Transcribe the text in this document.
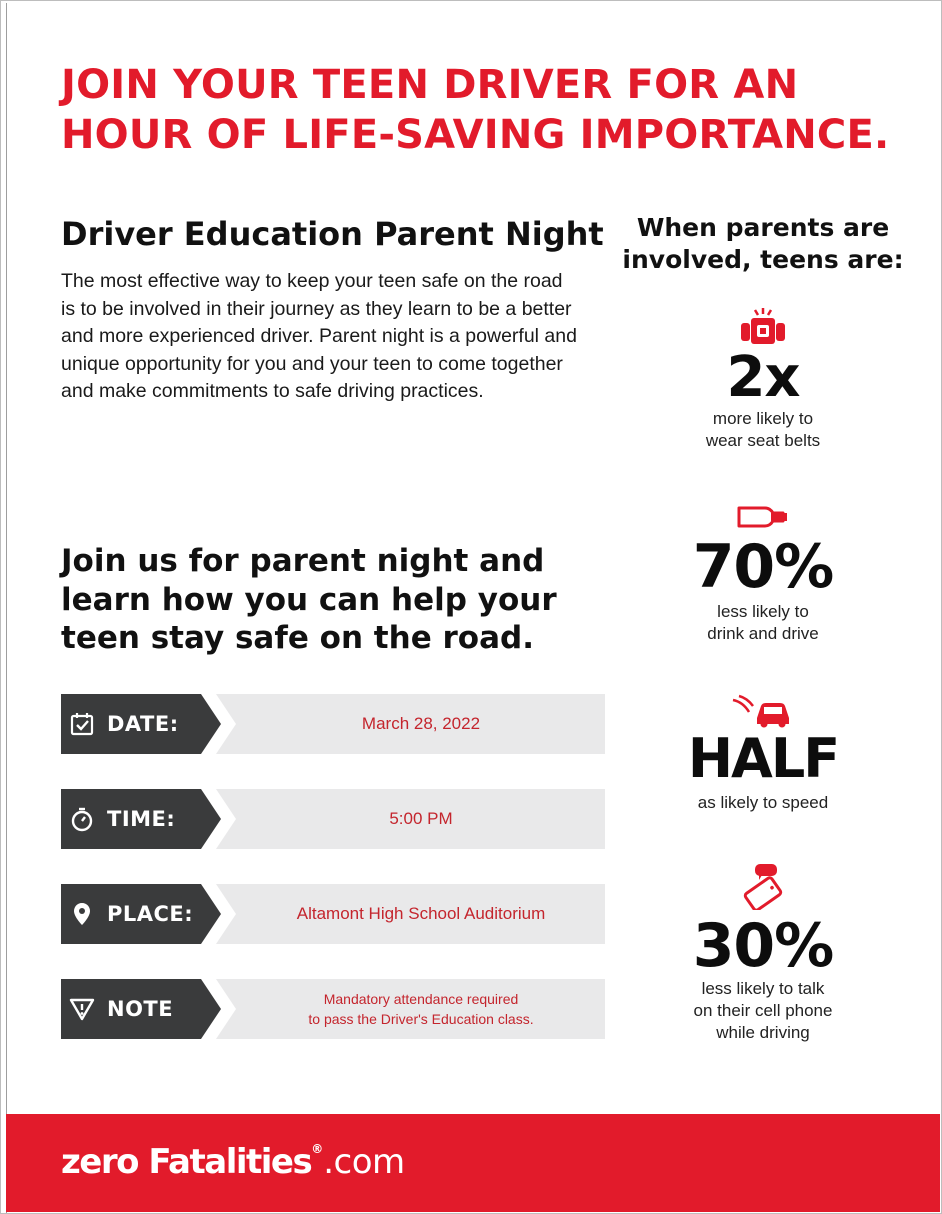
JOIN YOUR TEEN DRIVER FOR AN
HOUR OF LIFE-SAVING IMPORTANCE.
Driver Education Parent Night

The most effective way to keep your teen safe on the road is to be involved in their journey as they learn to be a better and more experienced driver. Parent night is a powerful and unique opportunity for you and your teen to come together and make commitments to safe driving practices.

Join us for parent night and learn how you can help your teen stay safe on the road.
DATE:	March 28, 2022
TIME:	5:00 PM
PLACE:	Altamont High School Auditorium
NOTE	Mandatory attendance required
to pass the Driver's Education class.
When parents are
involved, teens are:
2x
more likely to
wear seat belts
70%
less likely to
drink and drive
HALF
as likely to speed
30%
less likely to talk
on their cell phone
while driving
zero Fatalities®.com
